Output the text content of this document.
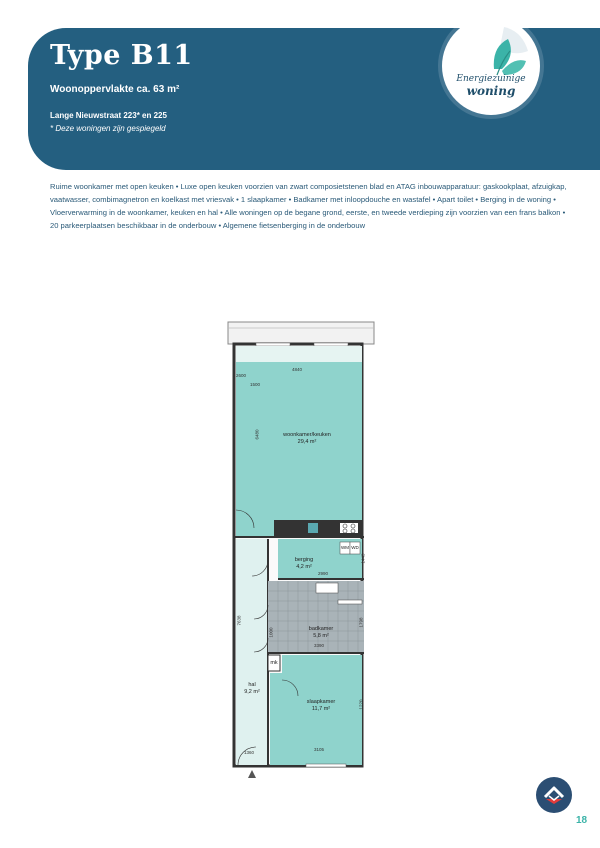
Type B11
Woonoppervlakte ca. 63 m²
Lange Nieuwstraat 223* en 225
* Deze woningen zijn gespiegeld
Energiezuinige
woning
Ruime woonkamer met open keuken • Luxe open keuken voorzien van zwart composietstenen blad en ATAG inbouwapparatuur: gaskookplaat, afzuigkap, vaatwasser, combimagnetron en koelkast met vriesvak • 1 slaapkamer • Badkamer met inloopdouche en wastafel • Apart toilet • Berging in de woning • Vloerverwarming in de woonkamer, keuken en hal • Alle woningen op de begane grond, eerste, en tweede verdieping zijn voorzien van een frans balkon • 20 parkeerplaatsen beschikbaar in de onderbouw • Algemene fietsenberging in de onderbouw
woonkamer/keuken
29,4 m²
berging
4,2 m²
badkamer
5,8 m²
hal
9,2 m²
slaapkamer
11,7 m²
mk
WM WD
4840
2600
1500
6480
2990
1445
7638
1000
1798
3390
1220
3105
1360
18
